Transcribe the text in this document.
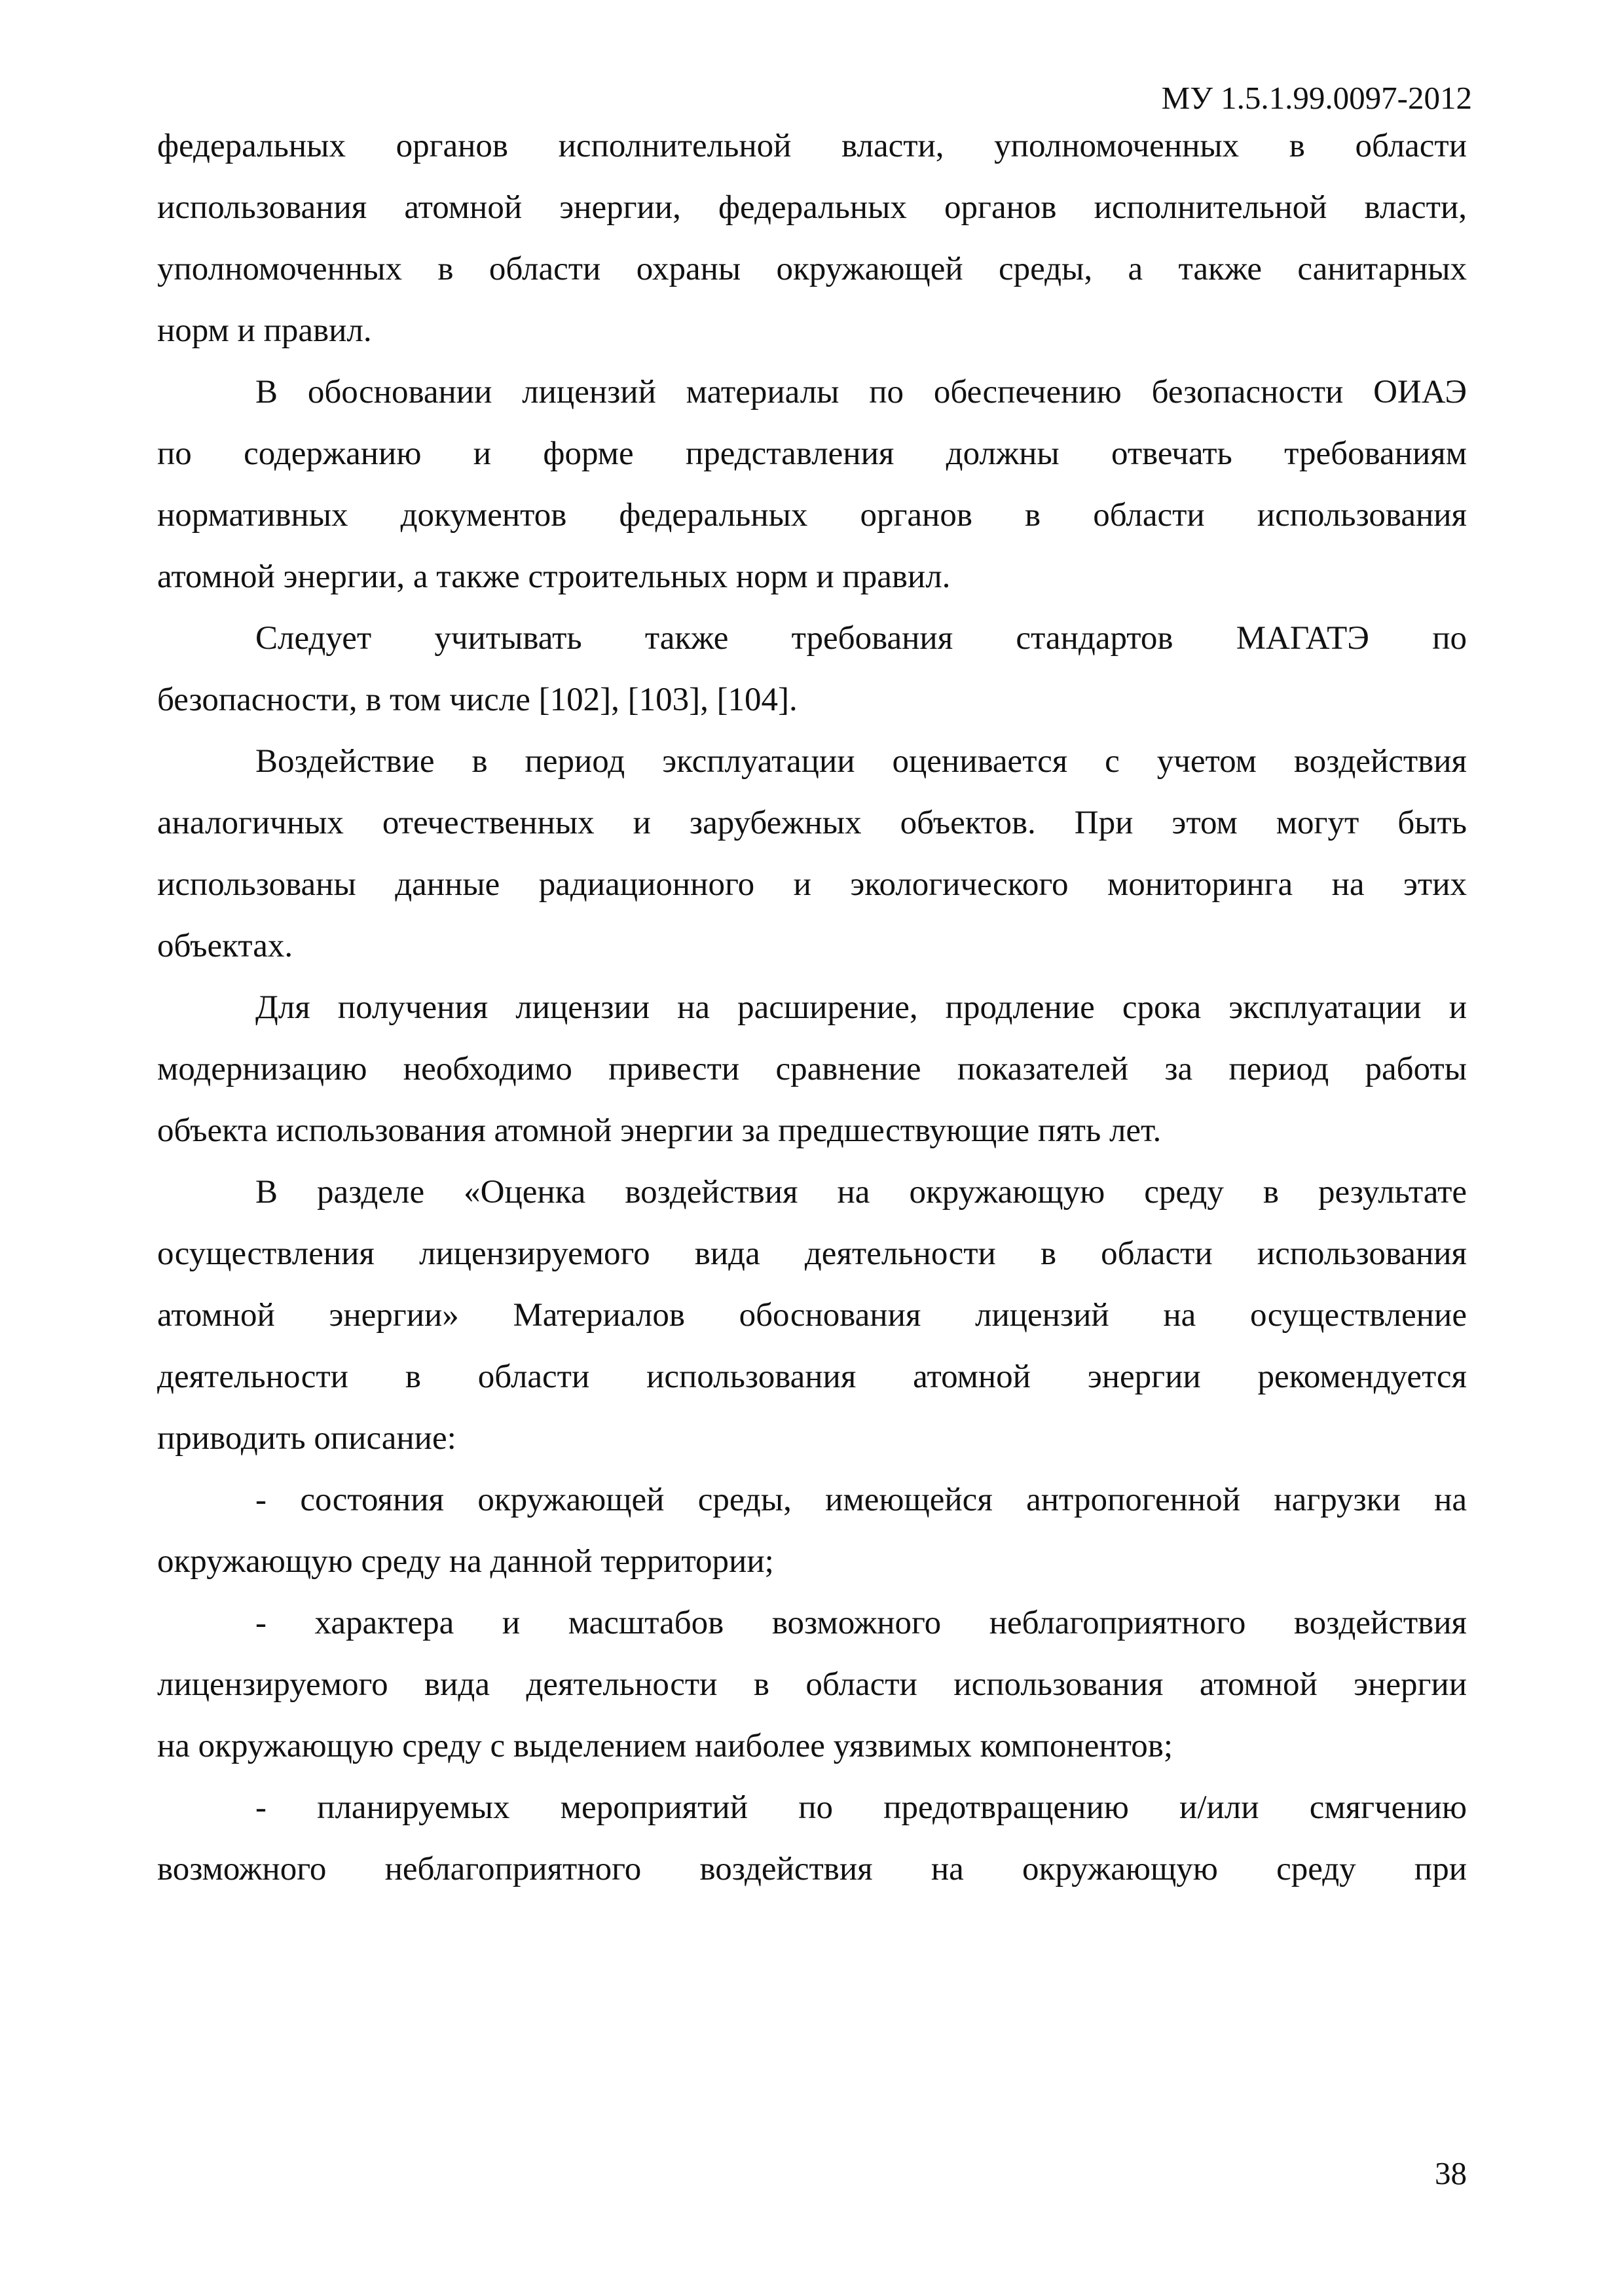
МУ 1.5.1.99.0097-2012
федеральных органов исполнительной власти, уполномоченных в области
использования атомной энергии, федеральных органов исполнительной власти,
уполномоченных в области охраны окружающей среды, а также санитарных
норм и правил.
В обосновании лицензий материалы по обеспечению безопасности ОИАЭ
по содержанию и форме представления должны отвечать требованиям
нормативных документов федеральных органов в области использования
атомной энергии, а также строительных норм и правил.
Следует учитывать также требования стандартов МАГАТЭ по
безопасности, в том числе [102], [103], [104].
Воздействие в период эксплуатации оценивается с учетом воздействия
аналогичных отечественных и зарубежных объектов. При этом могут быть
использованы данные радиационного и экологического мониторинга на этих
объектах.
Для получения лицензии на расширение, продление срока эксплуатации и
модернизацию необходимо привести сравнение показателей за период работы
объекта использования атомной энергии за предшествующие пять лет.
В разделе «Оценка воздействия на окружающую среду в результате
осуществления лицензируемого вида деятельности в области использования
атомной энергии» Материалов обоснования лицензий на осуществление
деятельности в области использования атомной энергии рекомендуется
приводить описание:
- состояния окружающей среды, имеющейся антропогенной нагрузки на
окружающую среду на данной территории;
- характера и масштабов возможного неблагоприятного воздействия
лицензируемого вида деятельности в области использования атомной энергии
на окружающую среду с выделением наиболее уязвимых компонентов;
- планируемых мероприятий по предотвращению и/или смягчению
возможного неблагоприятного воздействия на окружающую среду при
38
